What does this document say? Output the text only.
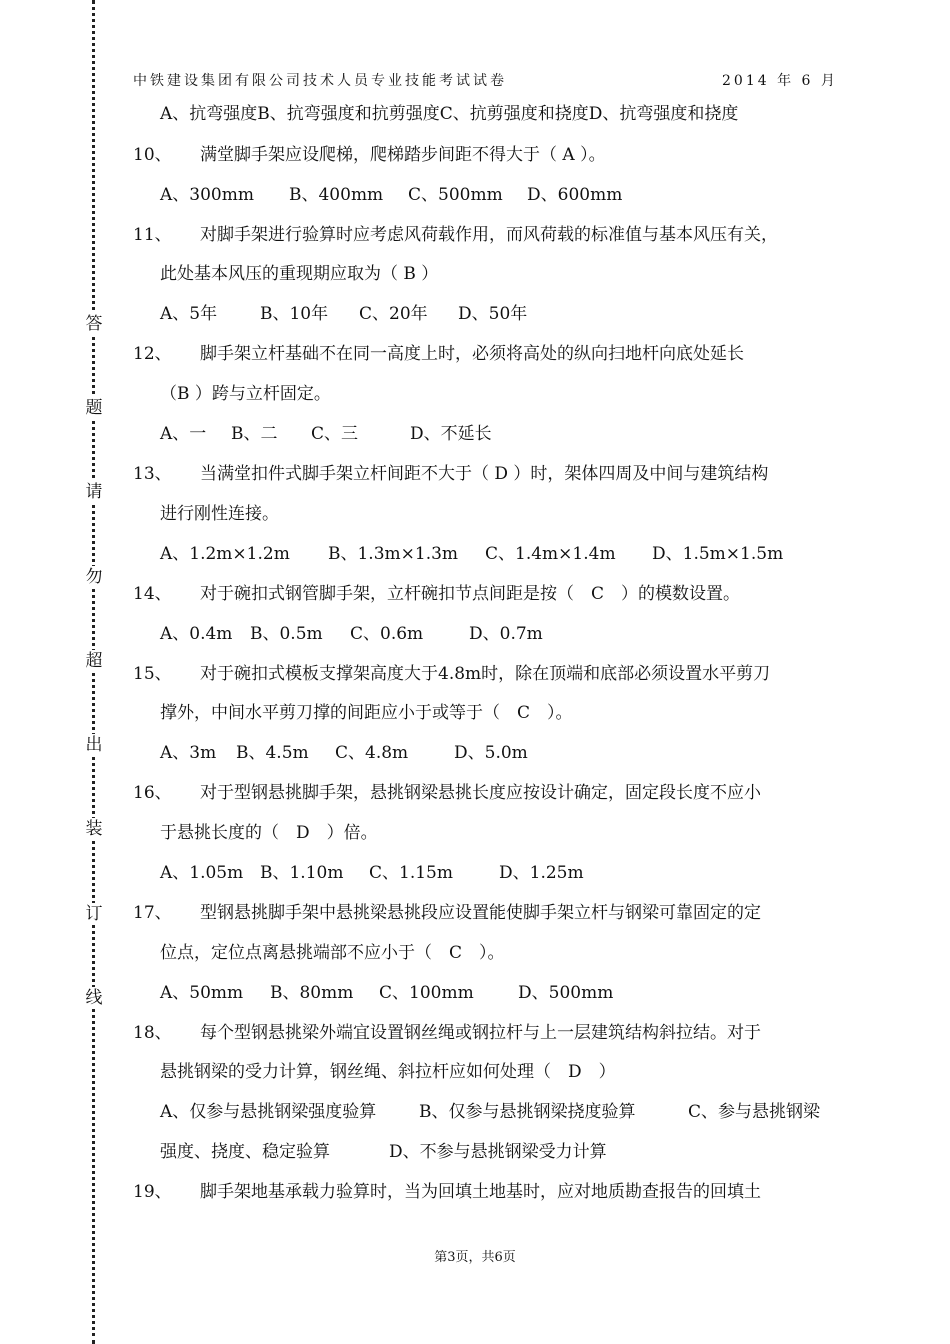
答
题
请
勿
超
出
装
订
线
中铁建设集团有限公司技术人员专业技能考试试卷	2014 年 6 月
A、抗弯强度B、抗弯强度和抗剪强度C、抗剪强度和挠度D、抗弯强度和挠度
10、 满堂脚手架应设爬梯，爬梯踏步间距不得大于（ A ）。
A、300mm B、400mm C、500mm D、600mm
11、 对脚手架进行验算时应考虑风荷载作用，而风荷载的标准值与基本风压有关，
此处基本风压的重现期应取为（ B ）
A、5年	B、10年 C、20年 D、50年
12、 脚手架立杆基础不在同一高度上时，必须将高处的纵向扫地杆向底处延长
（B ）跨与立杆固定。
A、一 B、二 C、三	D、不延长
13、 当满堂扣件式脚手架立杆间距不大于（ D ）时，架体四周及中间与建筑结构
进行刚性连接。
A、1.2m×1.2m B、1.3m×1.3m C、1.4m×1.4m D、1.5m×1.5m
14、 对于碗扣式钢管脚手架，立杆碗扣节点间距是按（　C　）的模数设置。
A、0.4m B、0.5m C、0.6m	D、0.7m
15、 对于碗扣式模板支撑架高度大于4.8m时，除在顶端和底部必须设置水平剪刀
撑外，中间水平剪刀撑的间距应小于或等于（　C　）。
A、3m B、4.5m C、4.8m	D、5.0m
16、 对于型钢悬挑脚手架，悬挑钢梁悬挑长度应按设计确定，固定段长度不应小
于悬挑长度的（　D　）倍。
A、1.05m B、1.10m C、1.15m	D、1.25m
17、 型钢悬挑脚手架中悬挑梁悬挑段应设置能使脚手架立杆与钢梁可靠固定的定
位点，定位点离悬挑端部不应小于（　C　）。
A、50mm B、80mm C、100mm	D、500mm
18、 每个型钢悬挑梁外端宜设置钢丝绳或钢拉杆与上一层建筑结构斜拉结。对于
悬挑钢梁的受力计算，钢丝绳、斜拉杆应如何处理（　D　）
A、仅参与悬挑钢梁强度验算	B、仅参与悬挑钢梁挠度验算	C、参与悬挑钢梁
强度、挠度、稳定验算	D、不参与悬挑钢梁受力计算
19、 脚手架地基承载力验算时，当为回填土地基时，应对地质勘查报告的回填土
第3页，共6页
